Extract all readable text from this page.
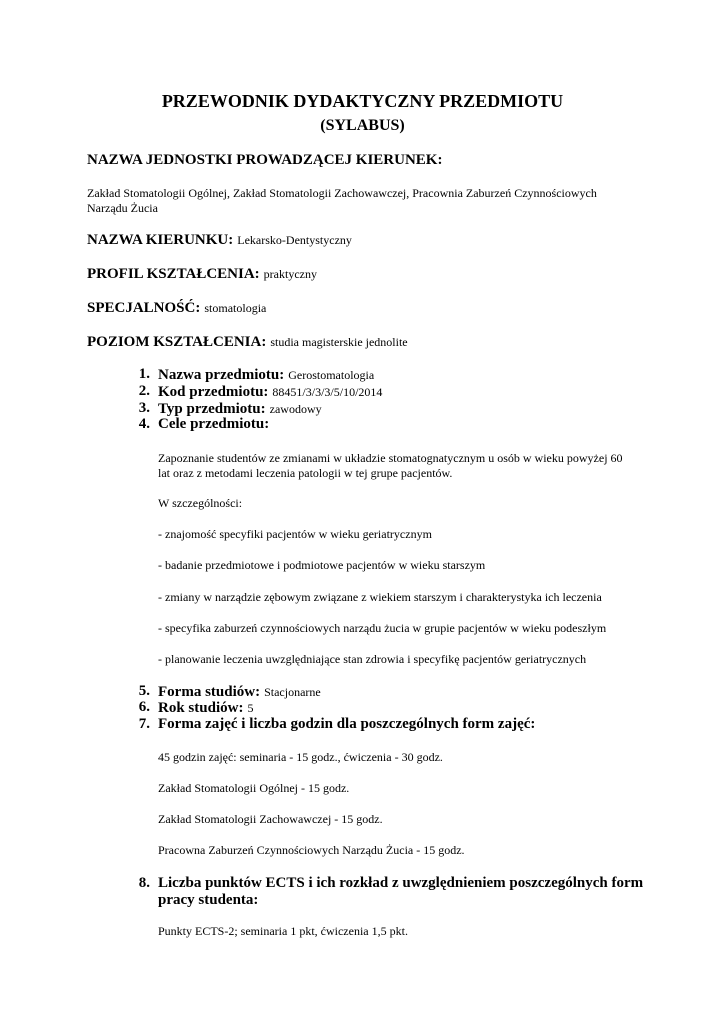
PRZEWODNIK DYDAKTYCZNY PRZEDMIOTU
(SYLABUS)
NAZWA JEDNOSTKI PROWADZĄCEJ KIERUNEK:
Zakład Stomatologii Ogólnej, Zakład Stomatologii Zachowawczej, Pracownia Zaburzeń Czynnościowych
Narządu Żucia
NAZWA KIERUNKU: Lekarsko-Dentystyczny
PROFIL KSZTAŁCENIA: praktyczny
SPECJALNOŚĆ: stomatologia
POZIOM KSZTAŁCENIA: studia magisterskie jednolite
1. Nazwa przedmiotu: Gerostomatologia
2. Kod przedmiotu: 88451/3/3/3/5/10/2014
3. Typ przedmiotu: zawodowy
4. Cele przedmiotu:
Zapoznanie studentów ze zmianami w układzie stomatognatycznym u osób w wieku powyżej 60
lat oraz z metodami leczenia patologii w tej grupe pacjentów.
W szczególności:
- znajomość specyfiki pacjentów w wieku geriatrycznym
- badanie przedmiotowe i podmiotowe pacjentów w wieku starszym
- zmiany w narządzie zębowym związane z wiekiem starszym i charakterystyka ich leczenia
- specyfika zaburzeń czynnościowych narządu żucia w grupie pacjentów w wieku podeszłym
- planowanie leczenia uwzględniające stan zdrowia i specyfikę pacjentów geriatrycznych
5. Forma studiów: Stacjonarne
6. Rok studiów: 5
7. Forma zajęć i liczba godzin dla poszczególnych form zajęć:
45 godzin zajęć: seminaria - 15 godz., ćwiczenia - 30 godz.
Zakład Stomatologii Ogólnej - 15 godz.
Zakład Stomatologii Zachowawczej - 15 godz.
Pracowna Zaburzeń Czynnościowych Narządu Żucia - 15 godz.
8. Liczba punktów ECTS i ich rozkład z uwzględnieniem poszczególnych form
pracy studenta:
Punkty ECTS-2; seminaria 1 pkt, ćwiczenia 1,5 pkt.
